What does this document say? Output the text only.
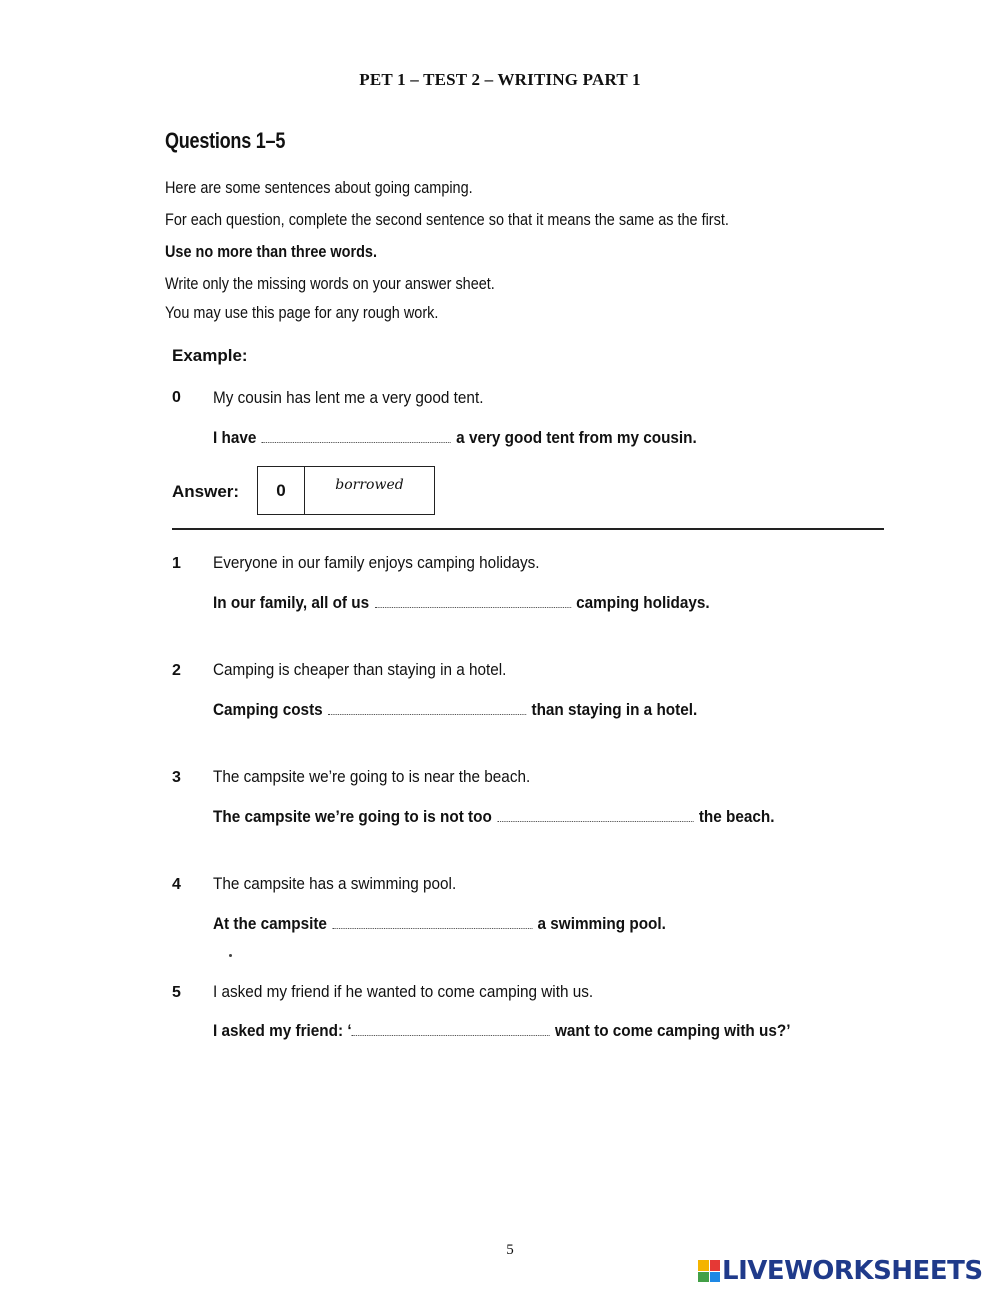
PET 1 – TEST 2 – WRITING PART 1
Questions 1–5
Here are some sentences about going camping.
For each question, complete the second sentence so that it means the same as the first.
Use no more than three words.
Write only the missing words on your answer sheet.
You may use this page for any rough work.
Example:
0 My cousin has lent me a very good tent.
I have	a very good tent from my cousin.
Answer:	0	borrowed
1 Everyone in our family enjoys camping holidays.
In our family, all of us	camping holidays.
2 Camping is cheaper than staying in a hotel.
Camping costs	than staying in a hotel.
3 The campsite we’re going to is near the beach.
The campsite we’re going to is not too	the beach.
4 The campsite has a swimming pool.
At the campsite	a swimming pool.
5 I asked my friend if he wanted to come camping with us.
I asked my friend: ‘	want to come camping with us?’
5
LIVEWORKSHEETS
